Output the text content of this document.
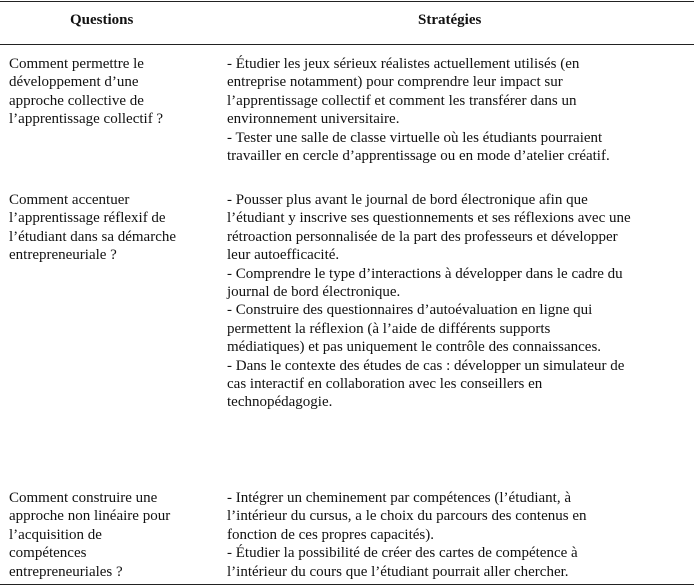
Questions	Stratégies
Comment permettre le
développement d’une
approche collective de
l’apprentissage collectif ?
- Étudier les jeux sérieux réalistes actuellement utilisés (en
entreprise notamment) pour comprendre leur impact sur
l’apprentissage collectif et comment les transférer dans un
environnement universitaire.
- Tester une salle de classe virtuelle où les étudiants pourraient
travailler en cercle d’apprentissage ou en mode d’atelier créatif.
Comment accentuer
l’apprentissage réflexif de
l’étudiant dans sa démarche
entrepreneuriale ?
- Pousser plus avant le journal de bord électronique afin que
l’étudiant y inscrive ses questionnements et ses réflexions avec une
rétroaction personnalisée de la part des professeurs et développer
leur autoefficacité.
- Comprendre le type d’interactions à développer dans le cadre du
journal de bord électronique.
- Construire des questionnaires d’autoévaluation en ligne qui
permettent la réflexion (à l’aide de différents supports
médiatiques) et pas uniquement le contrôle des connaissances.
- Dans le contexte des études de cas : développer un simulateur de
cas interactif en collaboration avec les conseillers en
technopédagogie.
Comment construire une
approche non linéaire pour
l’acquisition de
compétences
entrepreneuriales ?
- Intégrer un cheminement par compétences (l’étudiant, à
l’intérieur du cursus, a le choix du parcours des contenus en
fonction de ces propres capacités).
- Étudier la possibilité de créer des cartes de compétence à
l’intérieur du cours que l’étudiant pourrait aller chercher.
